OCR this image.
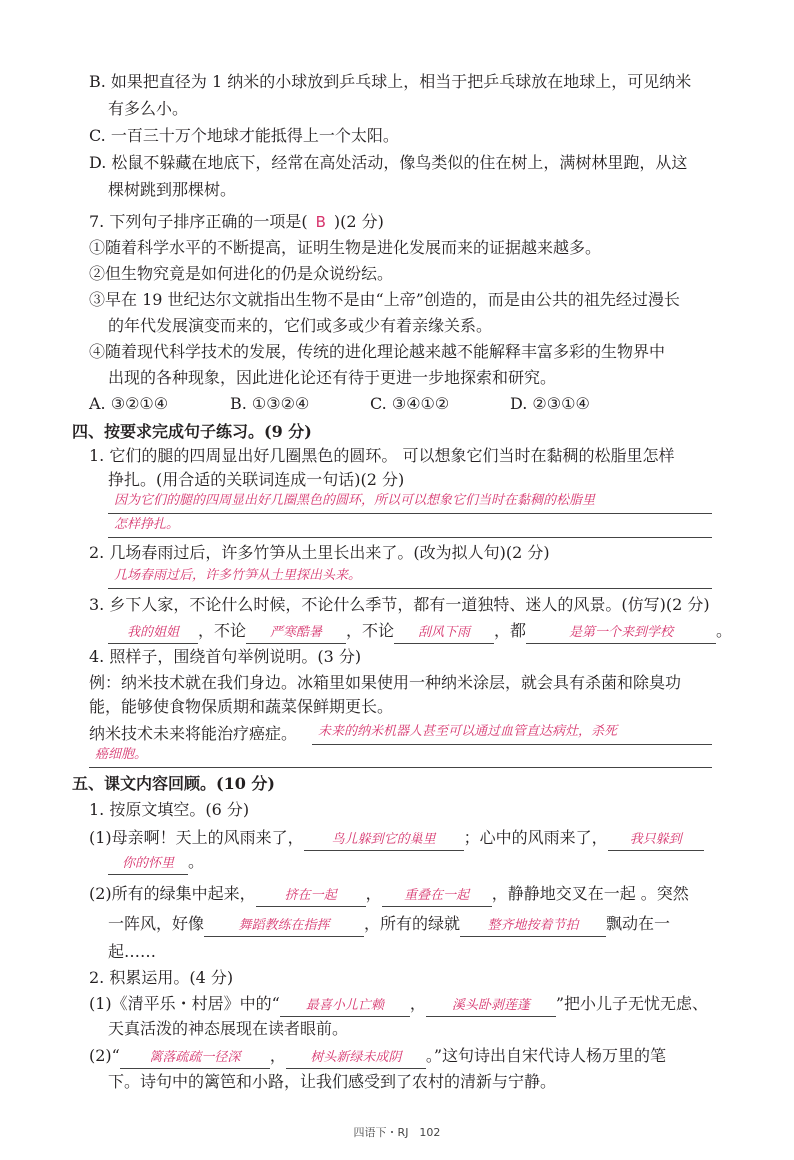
B. 如果把直径为 1 纳米的小球放到乒乓球上，相当于把乒乓球放在地球上，可见纳米
有多么小。
C. 一百三十万个地球才能抵得上一个太阳。
D. 松鼠不躲藏在地底下，经常在高处活动，像鸟类似的住在树上，满树林里跑，从这
棵树跳到那棵树。
7. 下列句子排序正确的一项是( B )(2 分)
①随着科学水平的不断提高，证明生物是进化发展而来的证据越来越多。
②但生物究竟是如何进化的仍是众说纷纭。
③早在 19 世纪达尔文就指出生物不是由“上帝”创造的，而是由公共的祖先经过漫长
的年代发展演变而来的，它们或多或少有着亲缘关系。
④随着现代科学技术的发展，传统的进化理论越来越不能解释丰富多彩的生物界中
出现的各种现象，因此进化论还有待于更进一步地探索和研究。
A. ③②①④	B. ①③②④	C. ③④①②	D. ②③①④
四、按要求完成句子练习。(9 分)
1. 它们的腿的四周显出好几圈黑色的圆环。 可以想象它们当时在黏稠的松脂里怎样
挣扎。(用合适的关联词连成一句话)(2 分)
因为它们的腿的四周显出好几圈黑色的圆环，所以可以想象它们当时在黏稠的松脂里
怎样挣扎。
2. 几场春雨过后，许多竹笋从土里长出来了。(改为拟人句)(2 分)
几场春雨过后，许多竹笋从土里探出头来。
3. 乡下人家，不论什么时候，不论什么季节，都有一道独特、迷人的风景。(仿写)(2 分)
我的姐姐 ，不论 严寒酷暑 ，不论 刮风下雨 ，都	是第一个来到学校	。
4. 照样子，围绕首句举例说明。(3 分)
例：纳米技术就在我们身边。冰箱里如果使用一种纳米涂层，就会具有杀菌和除臭功
能，能够使食物保质期和蔬菜保鲜期更长。
纳米技术未来将能治疗癌症。	未来的纳米机器人甚至可以通过血管直达病灶，杀死
癌细胞。
五、课文内容回顾。(10 分)
1. 按原文填空。(6 分)
(1)母亲啊！天上的风雨来了， 鸟儿躲到它的巢里 ；心中的风雨来了， 我只躲到
你的怀里 。
(2)所有的绿集中起来， 挤在一起 ， 重叠在一起 ，静静地交叉在一起 。突然
一阵风，好像	舞蹈教练在指挥 ，所有的绿就 整齐地按着节拍 飘动在一
起……
2. 积累运用。(4 分)
(1)《清平乐・村居》中的“ 最喜小儿亡赖 ， 溪头卧剥莲蓬 ”把小儿子无忧无虑、
天真活泼的神态展现在读者眼前。
(2)“ 篱落疏疏一径深 ， 树头新绿未成阴 。”这句诗出自宋代诗人杨万里的笔
下。诗句中的篱笆和小路，让我们感受到了农村的清新与宁静。
四语下・RJ　102
